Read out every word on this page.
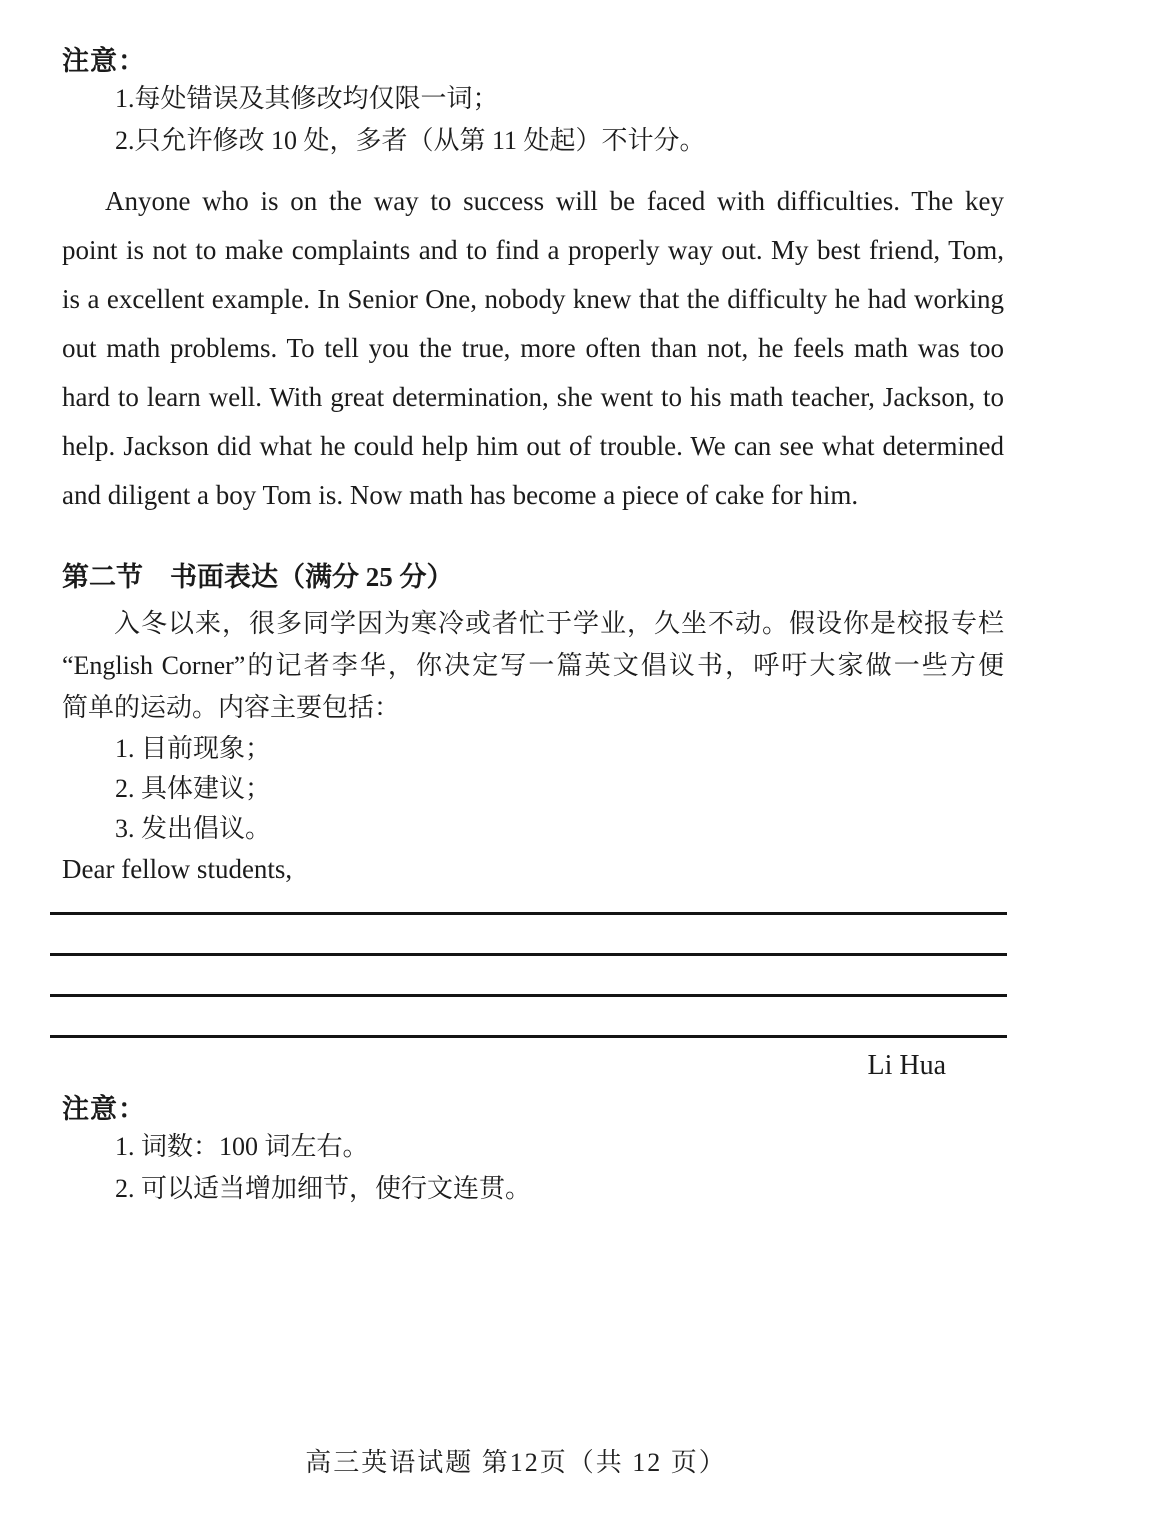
注意：
1.每处错误及其修改均仅限一词；
2.只允许修改 10 处，多者（从第 11 处起）不计分。
Anyone who is on the way to success will be faced with difficulties. The key
point is not to make complaints and to find a properly way out. My best friend, Tom,
is a excellent example. In Senior One, nobody knew that the difficulty he had working
out math problems. To tell you the true, more often than not, he feels math was too
hard to learn well. With great determination, she went to his math teacher, Jackson, to
help. Jackson did what he could help him out of trouble. We can see what determined
and diligent a boy Tom is. Now math has become a piece of cake for him.
第二节　书面表达（满分 25 分）
入冬以来，很多同学因为寒冷或者忙于学业，久坐不动。假设你是校报专栏
“English Corner”的记者李华，你决定写一篇英文倡议书，呼吁大家做一些方便
简单的运动。内容主要包括：
1. 目前现象；
2. 具体建议；
3. 发出倡议。
Dear fellow students,
Li Hua
注意：
1. 词数：100 词左右。
2. 可以适当增加细节，使行文连贯。
高三英语试题 第12页（共 12 页）
